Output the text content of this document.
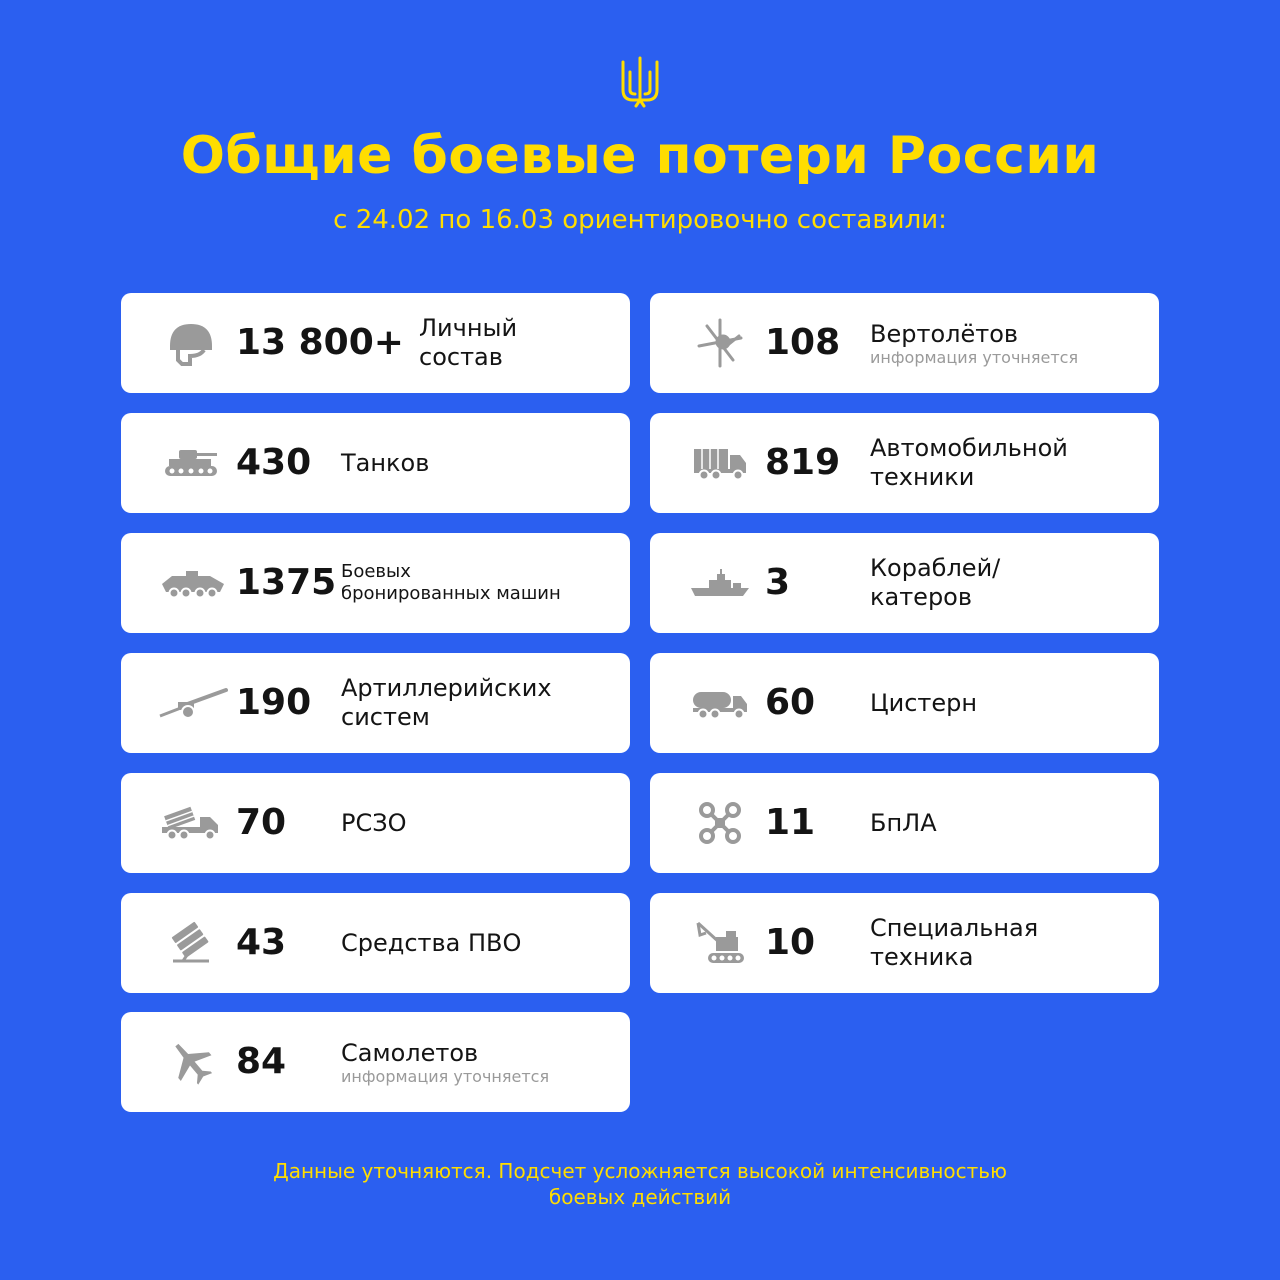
Общие боевые потери России
с 24.02 по 16.03 ориентировочно составили:
13 800+ Личный
состав	108 Вертолётов
информация уточняется
430 Танков	819 Автомобильной
техники
1375 Боевых
бронированных машин	3	Кораблей/
катеров
190 Артиллерийских
систем	60 Цистерн
70 РСЗО	11 БпЛА
43 Средства ПВО	10 Специальная
техника
84 Самолетов
информация уточняется
Данные уточняются. Подсчет усложняется высокой интенсивностью
боевых действий
